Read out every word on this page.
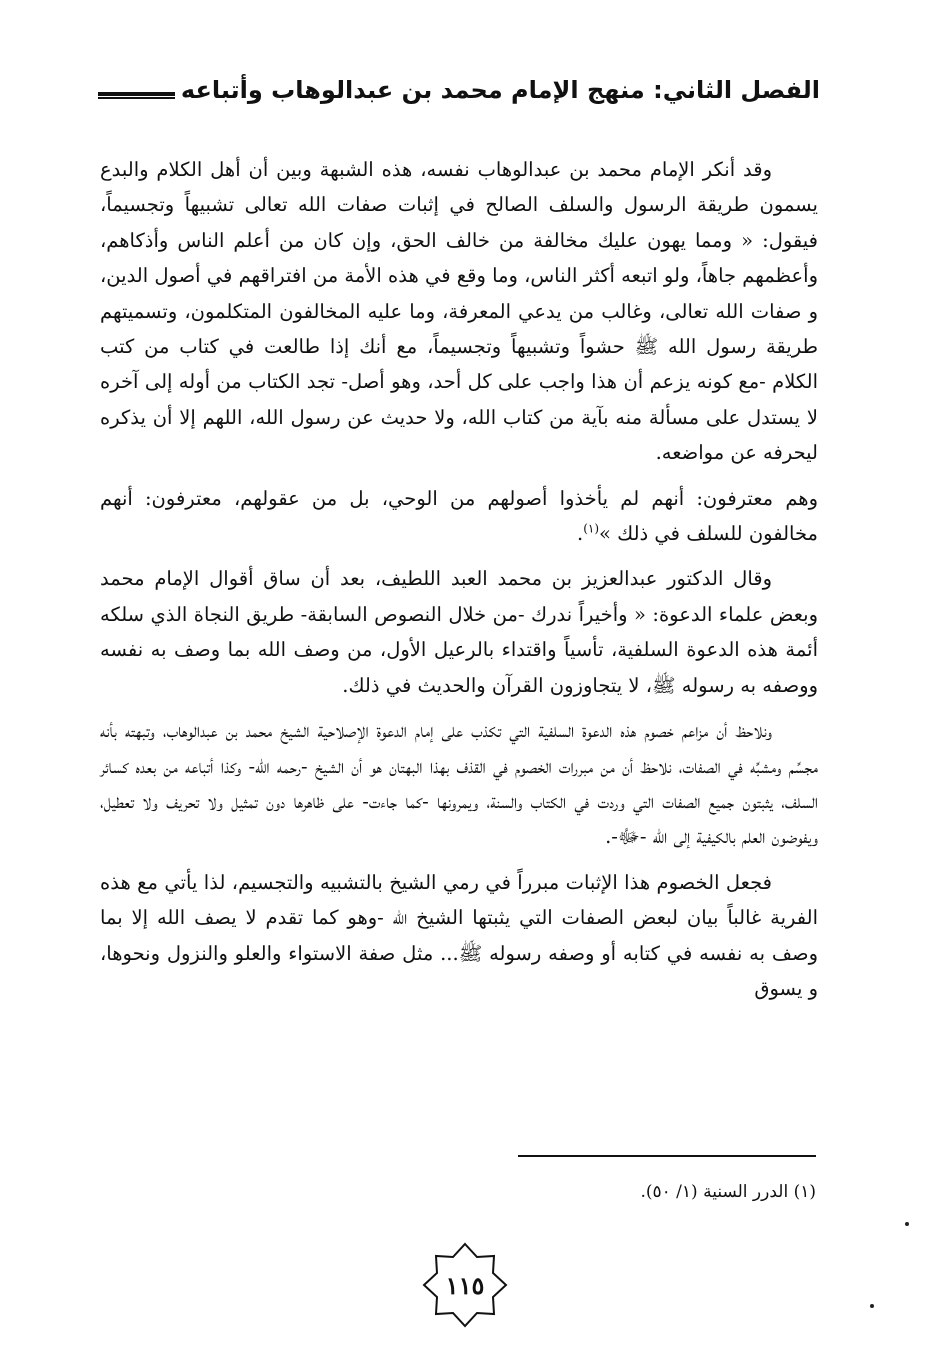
الفصل الثاني: منهج الإمام محمد بن عبدالوهاب وأتباعه

وقد أنكر الإمام محمد بن عبدالوهاب نفسه، هذه الشبهة وبين أن أهل الكلام والبدع يسمون طريقة الرسول والسلف الصالح في إثبات صفات الله تعالى تشبيهاً وتجسيماً، فيقول: « ومما يهون عليك مخالفة من خالف الحق، وإن كان من أعلم الناس وأذكاهم، وأعظمهم جاهاً، ولو اتبعه أكثر الناس، وما وقع في هذه الأمة من افتراقهم في أصول الدين، و صفات الله تعالى، وغالب من يدعي المعرفة، وما عليه المخالفون المتكلمون، وتسميتهم طريقة رسول الله ﷺ حشواً وتشبيهاً وتجسيماً، مع أنك إذا طالعت في كتاب من كتب الكلام -مع كونه يزعم أن هذا واجب على كل أحد، وهو أصل- تجد الكتاب من أوله إلى آخره لا يستدل على مسألة منه بآية من كتاب الله، ولا حديث عن رسول الله، اللهم إلا أن يذكره ليحرفه عن مواضعه.

وهم معترفون: أنهم لم يأخذوا أصولهم من الوحي، بل من عقولهم، معترفون: أنهم مخالفون للسلف في ذلك »$^{(١)}$.

وقال الدكتور عبدالعزيز بن محمد العبد اللطيف، بعد أن ساق أقوال الإمام محمد وبعض علماء الدعوة: « وأخيراً ندرك -من خلال النصوص السابقة- طريق النجاة الذي سلكه أئمة هذه الدعوة السلفية، تأسياً واقتداء بالرعيل الأول، من وصف الله بما وصف به نفسه ووصفه به رسوله ﷺ، لا يتجاوزون القرآن والحديث في ذلك.

ونلاحظ أن مزاعم خصوم هذه الدعوة السلفية التي تكذب على إمام الدعوة الإصلاحية الشيخ محمد بن عبدالوهاب، وتبهته بأنه مجسِّم ومشبِّه في الصفات، نلاحظ أن من مبررات الخصوم في القذف بهذا البهتان هو أن الشيخ -رحمه الله- وكذا أتباعه من بعده كسائر السلف، يثبتون جميع الصفات التي وردت في الكتاب والسنة، ويمرونها -كما جاءت- على ظاهرها دون تمثيل ولا تحريف ولا تعطيل، ويفوضون العلم بالكيفية إلى الله -ﷻ-.

فجعل الخصوم هذا الإثبات مبرراً في رمي الشيخ بالتشبيه والتجسيم، لذا يأتي مع هذه الفرية غالباً بيان لبعض الصفات التي يثبتها الشيخ ﷲ -وهو كما تقدم لا يصف الله إلا بما وصف به نفسه في كتابه أو وصفه رسوله ﷺ... مثل صفة الاستواء والعلو والنزول ونحوها، و يسوق

(١) الدرر السنية (١/ ٥٠).
١١٥
